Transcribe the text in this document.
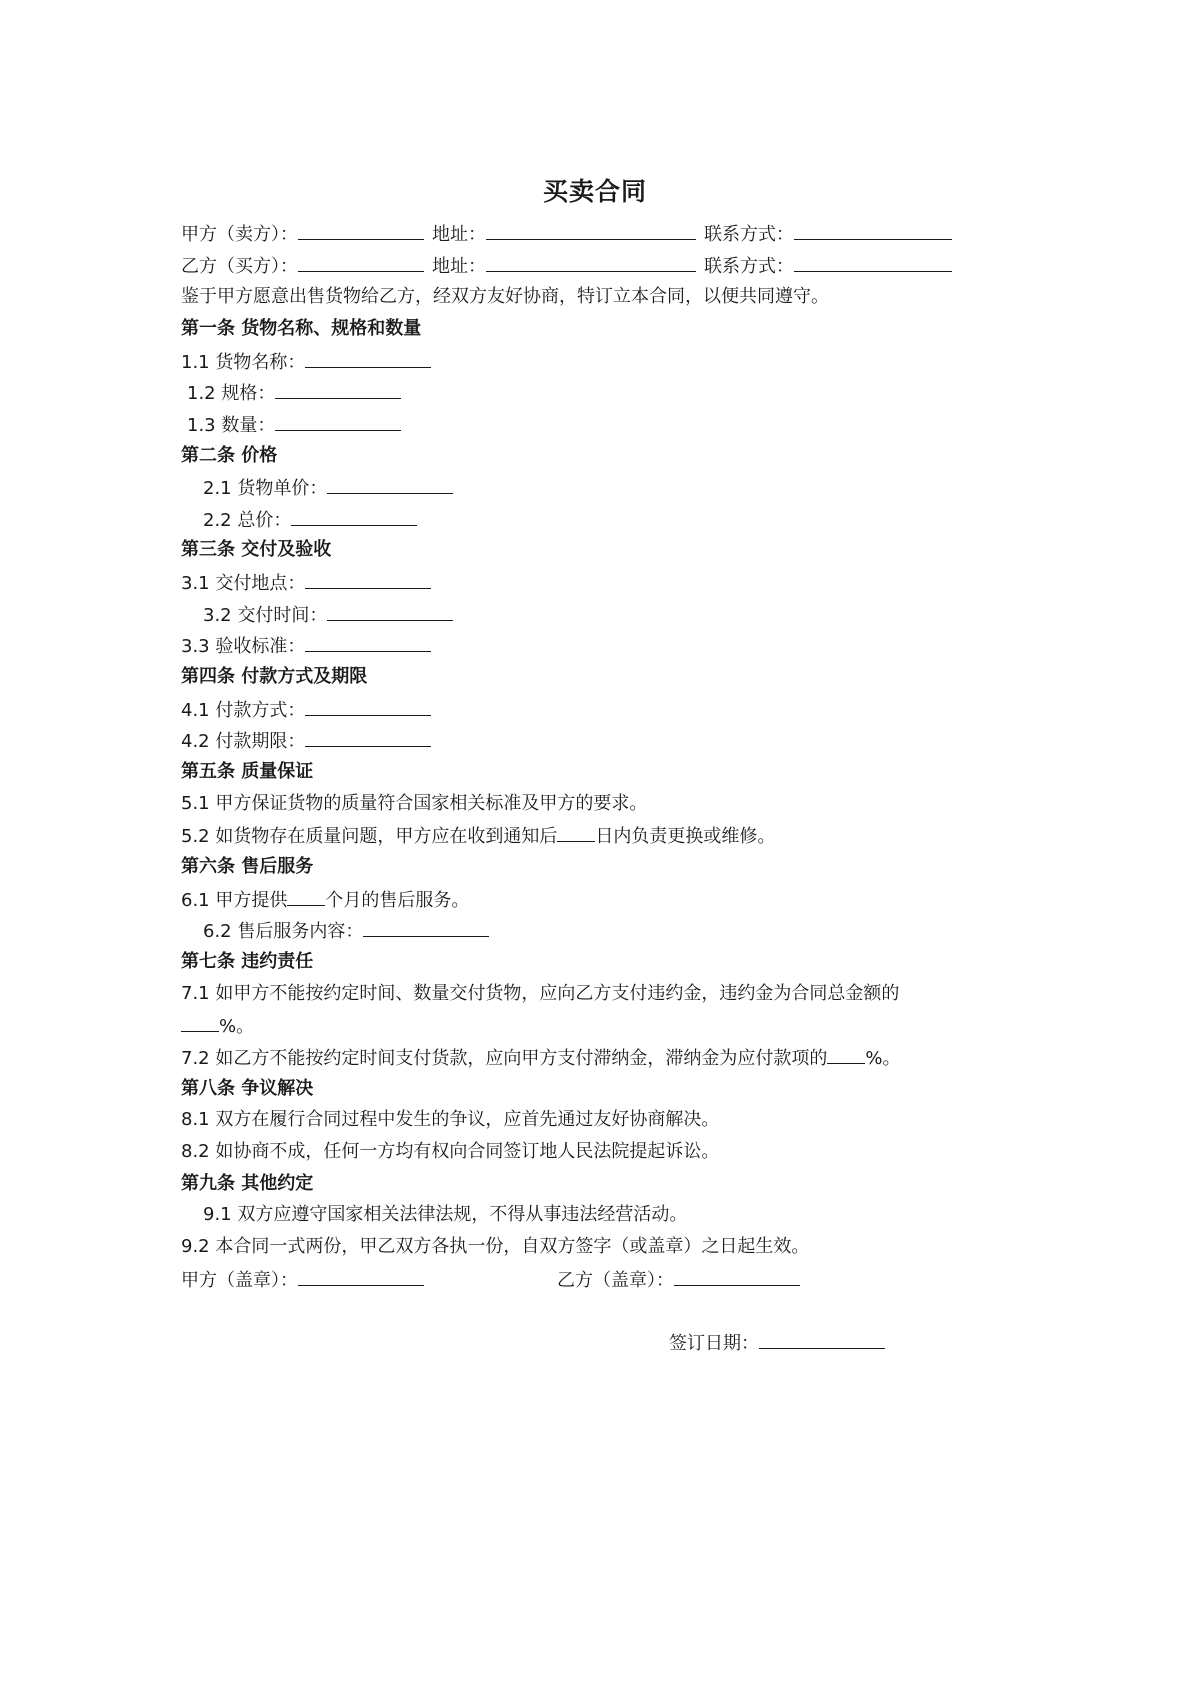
买卖合同
甲方（卖方）：	地址：	联系方式：
乙方（买方）：	地址：	联系方式：
鉴于甲方愿意出售货物给乙方，经双方友好协商，特订立本合同，以便共同遵守。
第一条 货物名称、规格和数量
1.1 货物名称：
1.2 规格：
1.3 数量：
第二条 价格
2.1 货物单价：
2.2 总价：
第三条 交付及验收
3.1 交付地点：
3.2 交付时间：
3.3 验收标准：
第四条 付款方式及期限
4.1 付款方式：
4.2 付款期限：
第五条 质量保证
5.1 甲方保证货物的质量符合国家相关标准及甲方的要求。
5.2 如货物存在质量问题，甲方应在收到通知后 日内负责更换或维修。
第六条 售后服务
6.1 甲方提供 个月的售后服务。
6.2 售后服务内容：
第七条 违约责任
7.1 如甲方不能按约定时间、数量交付货物，应向乙方支付违约金，违约金为合同总金额的
%。
7.2 如乙方不能按约定时间支付货款，应向甲方支付滞纳金，滞纳金为应付款项的 %。
第八条 争议解决
8.1 双方在履行合同过程中发生的争议，应首先通过友好协商解决。
8.2 如协商不成，任何一方均有权向合同签订地人民法院提起诉讼。
第九条 其他约定
9.1 双方应遵守国家相关法律法规，不得从事违法经营活动。
9.2 本合同一式两份，甲乙双方各执一份，自双方签字（或盖章）之日起生效。
甲方（盖章）：	乙方（盖章）：
签订日期：
